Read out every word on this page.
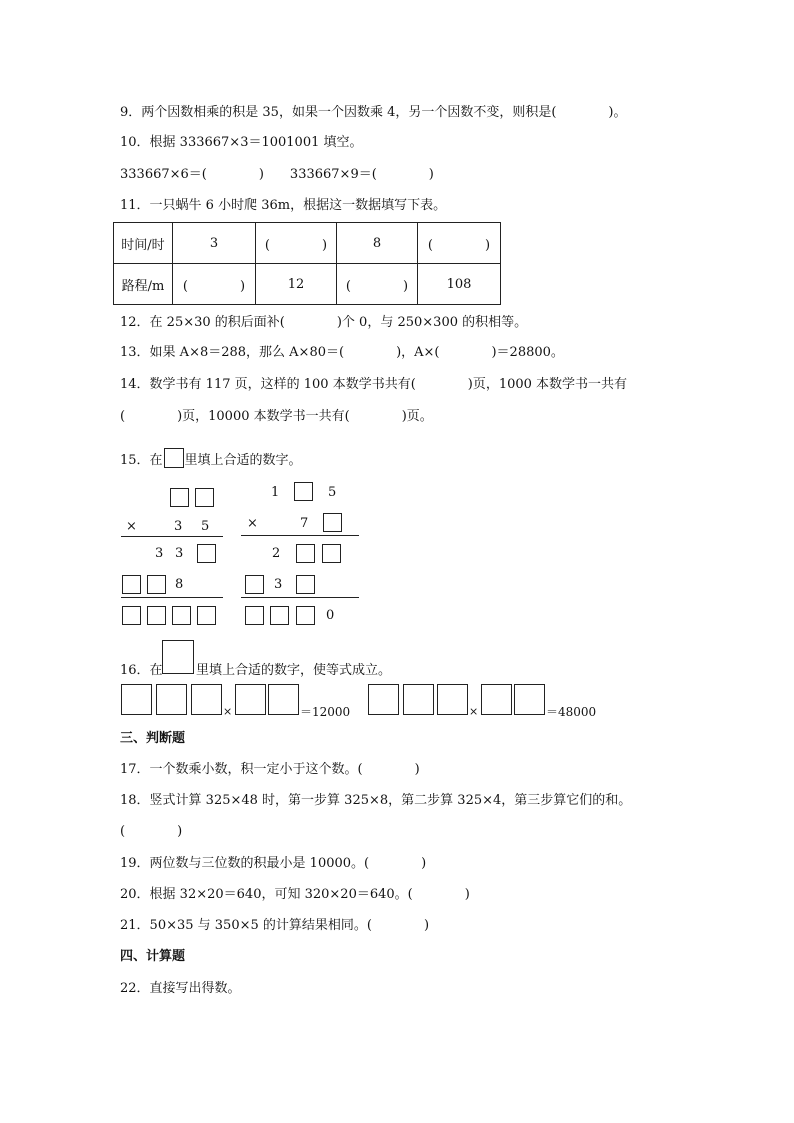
9．两个因数相乘的积是 35，如果一个因数乘 4，另一个因数不变，则积是(　　　　)。
10．根据 333667×3＝1001001 填空。
333667×6＝(　　　　)　　333667×9＝(　　　　)
11．一只蜗牛 6 小时爬 36m，根据这一数据填写下表。
时间/时	3	(　　　　)	8	(　　　　)
路程/m	(　　　　)	12	(　　　　)	108
12．在 25×30 的积后面补(　　　　)个 0，与 250×300 的积相等。
13．如果 A×8＝288，那么 A×80＝(　　　　)，A×(　　　　)＝28800。
14．数学书有 117 页，这样的 100 本数学书共有(　　　　)页，1000 本数学书一共有
(　　　　)页，10000 本数学书一共有(　　　　)页。
15．在 里填上合适的数字。
×	3 5
3 3
8
1	5
×	7
2
3
0
16．在	里填上合适的数字，使等式成立。
×	＝12000	×	＝48000
三、判断题
17．一个数乘小数，积一定小于这个数。(　　　　)
18．竖式计算 325×48 时，第一步算 325×8，第二步算 325×4，第三步算它们的和。
(　　　　)
19．两位数与三位数的积最小是 10000。(　　　　)
20．根据 32×20＝640，可知 320×20＝640。(　　　　)
21．50×35 与 350×5 的计算结果相同。(　　　　)
四、计算题
22．直接写出得数。
